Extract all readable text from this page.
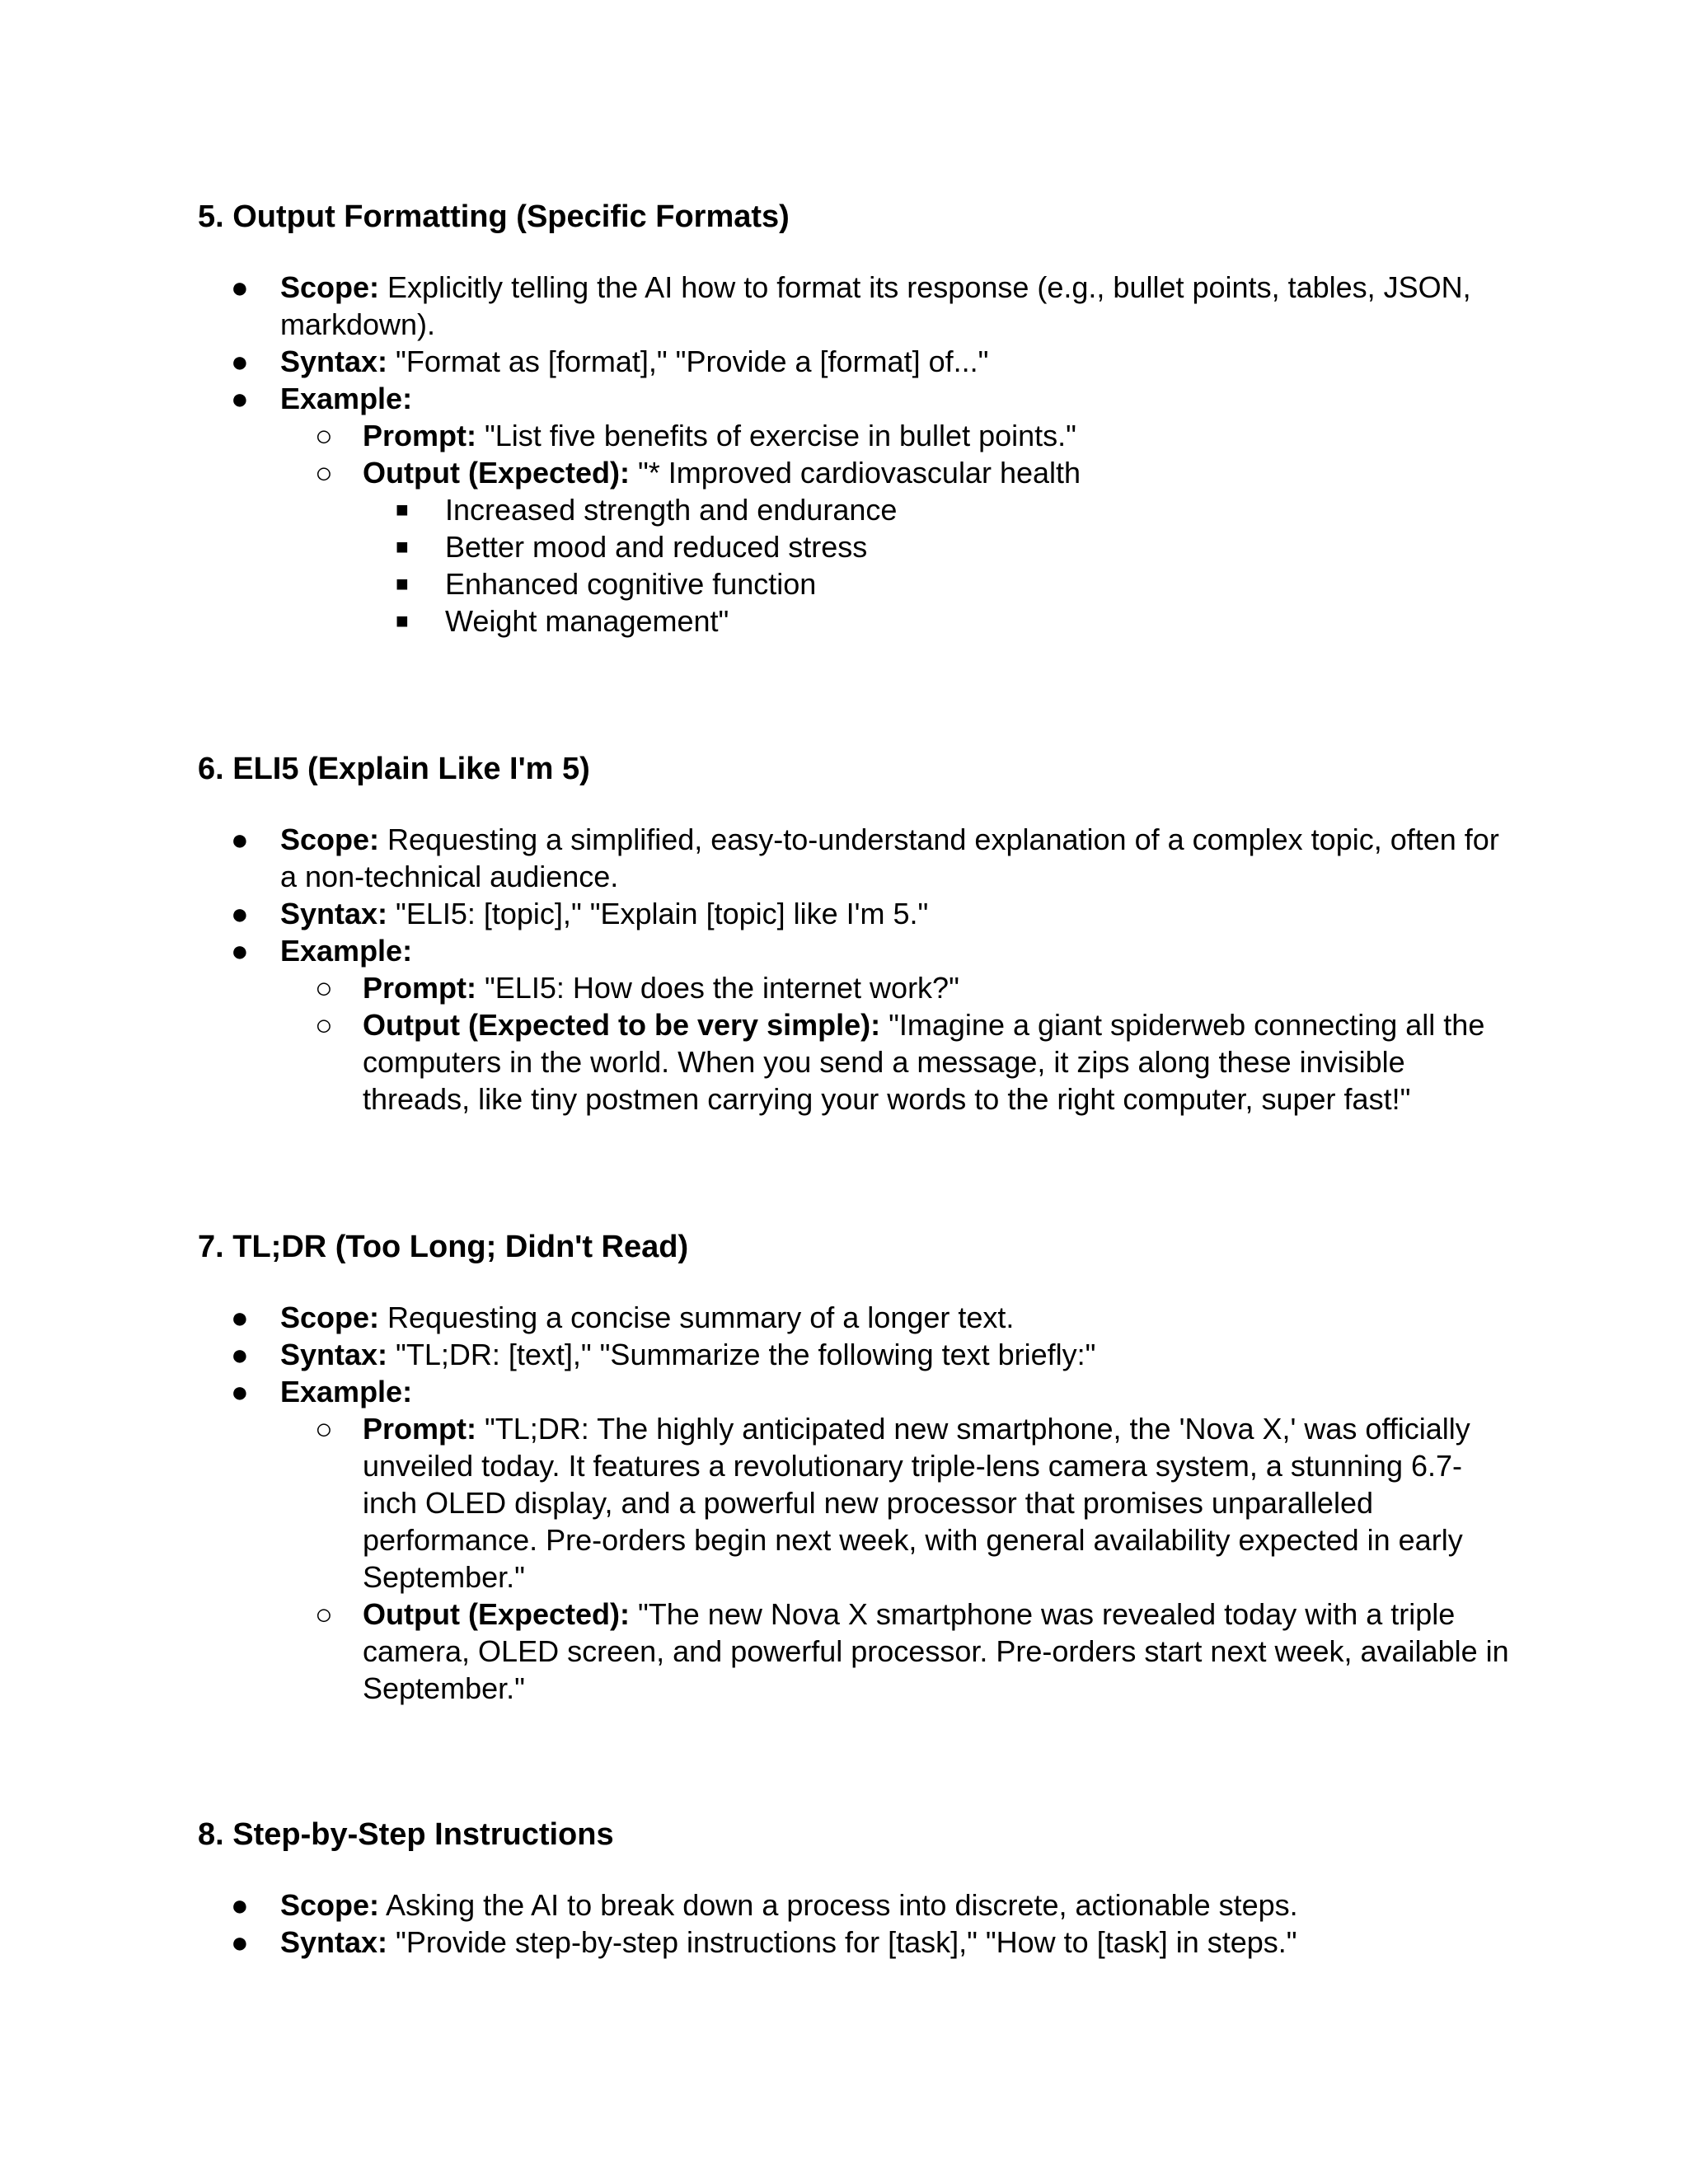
5. Output Formatting (Specific Formats)
● Scope: Explicitly telling the AI how to format its response (e.g., bullet points, tables, JSON, markdown).
● Syntax: "Format as [format]," "Provide a [format] of..."
● Example:
○ Prompt: "List five benefits of exercise in bullet points."
○ Output (Expected): "* Improved cardiovascular health
■ Increased strength and endurance
■ Better mood and reduced stress
■ Enhanced cognitive function
■ Weight management"
6. ELI5 (Explain Like I'm 5)
● Scope: Requesting a simplified, easy-to-understand explanation of a complex topic, often for a non-technical audience.
● Syntax: "ELI5: [topic]," "Explain [topic] like I'm 5."
● Example:
○ Prompt: "ELI5: How does the internet work?"
○ Output (Expected to be very simple): "Imagine a giant spiderweb connecting all the computers in the world. When you send a message, it zips along these invisible threads, like tiny postmen carrying your words to the right computer, super fast!"
7. TL;DR (Too Long; Didn't Read)
● Scope: Requesting a concise summary of a longer text.
● Syntax: "TL;DR: [text]," "Summarize the following text briefly:"
● Example:
○ Prompt: "TL;DR: The highly anticipated new smartphone, the 'Nova X,' was officially unveiled today. It features a revolutionary triple-lens camera system, a stunning 6.7-inch OLED display, and a powerful new processor that promises unparalleled performance. Pre-orders begin next week, with general availability expected in early September."
○ Output (Expected): "The new Nova X smartphone was revealed today with a triple camera, OLED screen, and powerful processor. Pre-orders start next week, available in September."
8. Step-by-Step Instructions
● Scope: Asking the AI to break down a process into discrete, actionable steps.
● Syntax: "Provide step-by-step instructions for [task]," "How to [task] in steps."
